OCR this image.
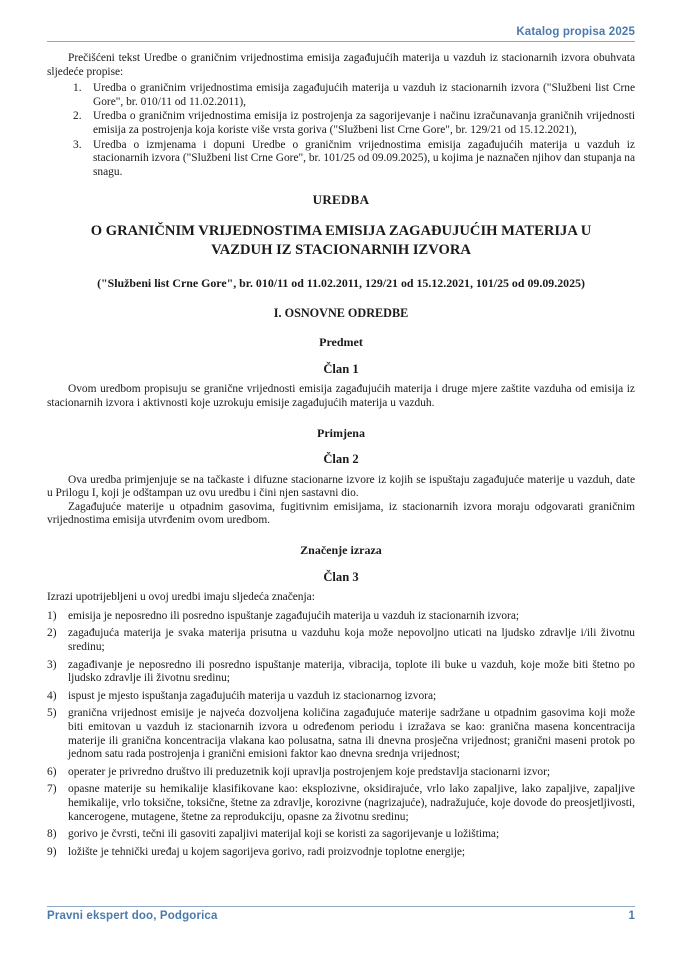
Katalog propisa 2025

Prečišćeni tekst Uredbe o graničnim vrijednostima emisija zagađujućih materija u vazduh iz stacionarnih izvora obuhvata sljedeće propise:

1.	Uredba o graničnim vrijednostima emisija zagađujućih materija u vazduh iz stacionarnih izvora ("Službeni list Crne Gore", br. 010/11 od 11.02.2011),
2.	Uredba o graničnim vrijednostima emisija iz postrojenja za sagorijevanje i načinu izračunavanja graničnih vrijednosti emisija za postrojenja koja koriste više vrsta goriva ("Službeni list Crne Gore", br. 129/21 od 15.12.2021),
3.	Uredba o izmjenama i dopuni Uredbe o graničnim vrijednostima emisija zagađujućih materija u vazduh iz stacionarnih izvora ("Službeni list Crne Gore", br. 101/25 od 09.09.2025), u kojima je naznačen njihov dan stupanja na snagu.
UREDBA
O GRANIČNIM VRIJEDNOSTIMA EMISIJA ZAGAĐUJUĆIH MATERIJA U VAZDUH IZ STACIONARNIH IZVORA
("Službeni list Crne Gore", br. 010/11 od 11.02.2011, 129/21 od 15.12.2021, 101/25 od 09.09.2025)
I. OSNOVNE ODREDBE
Predmet
Član 1

Ovom uredbom propisuju se granične vrijednosti emisija zagađujućih materija i druge mjere zaštite vazduha od emisija iz stacionarnih izvora i aktivnosti koje uzrokuju emisije zagađujućih materija u vazduh.

Primjena
Član 2

Ova uredba primjenjuje se na tačkaste i difuzne stacionarne izvore iz kojih se ispuštaju zagađujuće materije u vazduh, date u Prilogu I, koji je odštampan uz ovu uredbu i čini njen sastavni dio.

Zagađujuće materije u otpadnim gasovima, fugitivnim emisijama, iz stacionarnih izvora moraju odgovarati graničnim vrijednostima emisija utvrđenim ovom uredbom.

Značenje izraza
Član 3

Izrazi upotrijebljeni u ovoj uredbi imaju sljedeća značenja:

1)	emisija je neposredno ili posredno ispuštanje zagađujućih materija u vazduh iz stacionarnih izvora;
2)	zagađujuća materija je svaka materija prisutna u vazduhu koja može nepovoljno uticati na ljudsko zdravlje i/ili životnu sredinu;
3)	zagađivanje je neposredno ili posredno ispuštanje materija, vibracija, toplote ili buke u vazduh, koje može biti štetno po ljudsko zdravlje ili životnu sredinu;
4)	ispust je mjesto ispuštanja zagađujućih materija u vazduh iz stacionarnog izvora;
5)	granična vrijednost emisije je najveća dozvoljena količina zagađujuće materije sadržane u otpadnim gasovima koji može biti emitovan u vazduh iz stacionarnih izvora u određenom periodu i izražava se kao: granična masena koncentracija materije ili granična koncentracija vlakana kao polusatna, satna ili dnevna prosječna vrijednost; granični maseni protok po jednom satu rada postrojenja i granični emisioni faktor kao dnevna srednja vrijednost;
6)	operater je privredno društvo ili preduzetnik koji upravlja postrojenjem koje predstavlja stacionarni izvor;
7)	opasne materije su hemikalije klasifikovane kao: eksplozivne, oksidirajuće, vrlo lako zapaljive, lako zapaljive, zapaljive hemikalije, vrlo toksične, toksične, štetne za zdravlje, korozivne (nagrizajuće), nadražujuće, koje dovode do preosjetljivosti, kancerogene, mutagene, štetne za reprodukciju, opasne za životnu sredinu;
8)	gorivo je čvrsti, tečni ili gasoviti zapaljivi materijal koji se koristi za sagorijevanje u ložištima;
9)	ložište je tehnički uređaj u kojem sagorijeva gorivo, radi proizvodnje toplotne energije;
Pravni ekspert doo, Podgorica	1
